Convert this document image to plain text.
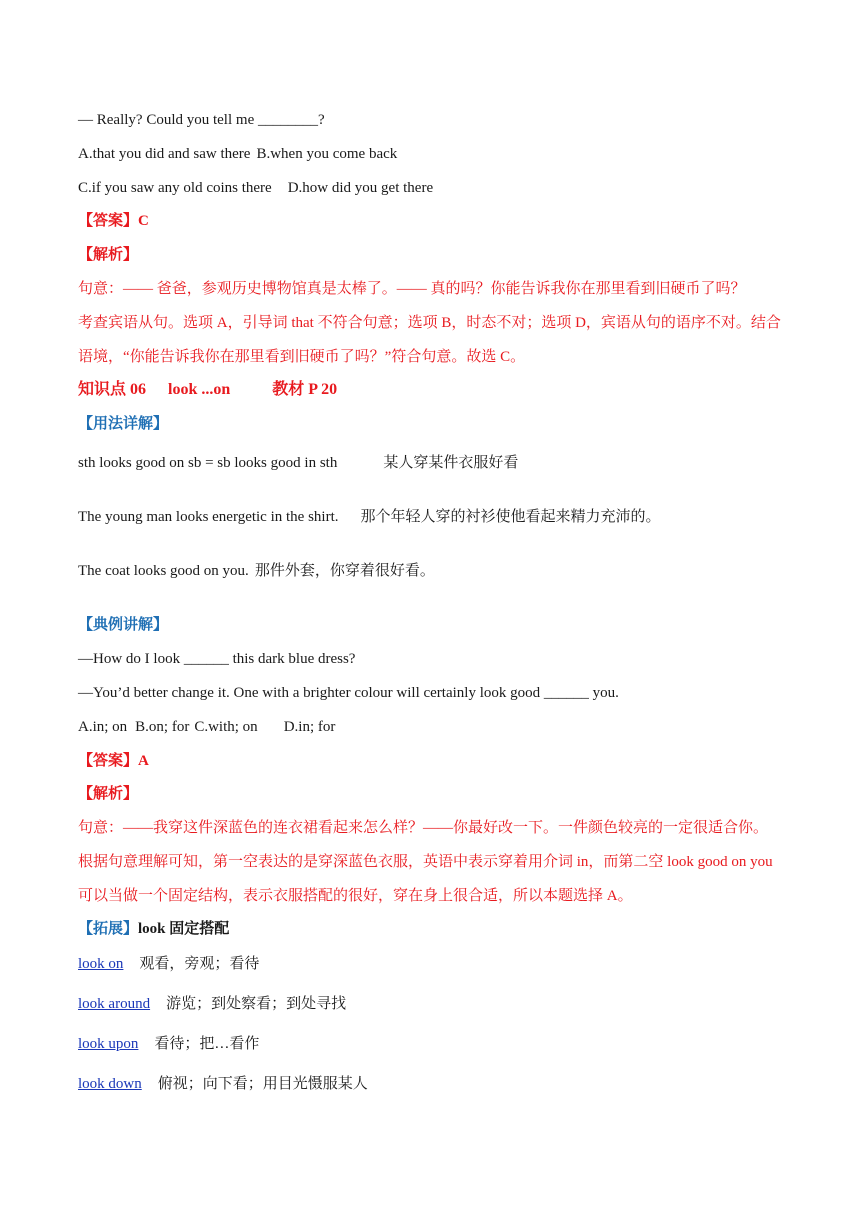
— Really? Could you tell me ________?
A.that you did and saw there B.when you come back
C.if you saw any old coins there D.how did you get there
【答案】C
【解析】
句意：—— 爸爸，参观历史博物馆真是太棒了。—— 真的吗？你能告诉我你在那里看到旧硬币了吗？
考查宾语从句。选项 A，引导词 that 不符合句意；选项 B，时态不对；选项 D，宾语从句的语序不对。结合
语境，“你能告诉我你在那里看到旧硬币了吗？”符合句意。故选 C。
知识点 06 look ...on	教材 P 20
【用法详解】
sth looks good on sb = sb looks good in sth	某人穿某件衣服好看
The young man looks energetic in the shirt. 那个年轻人穿的衬衫使他看起来精力充沛的。
The coat looks good on you. 那件外套，你穿着很好看。
【典例讲解】
—How do I look ______ this dark blue dress?
—You’d better change it. One with a brighter colour will certainly look good ______ you.
A.in; on B.on; for C.with; on D.in; for
【答案】A
【解析】
句意：——我穿这件深蓝色的连衣裙看起来怎么样？——你最好改一下。一件颜色较亮的一定很适合你。
根据句意理解可知，第一空表达的是穿深蓝色衣服，英语中表示穿着用介词 in，而第二空 look good on you
可以当做一个固定结构，表示衣服搭配的很好，穿在身上很合适，所以本题选择 A。
【拓展】look 固定搭配
look on 观看，旁观；看待
look around 游览；到处察看；到处寻找
look upon 看待；把…看作
look down 俯视；向下看；用目光慑服某人
